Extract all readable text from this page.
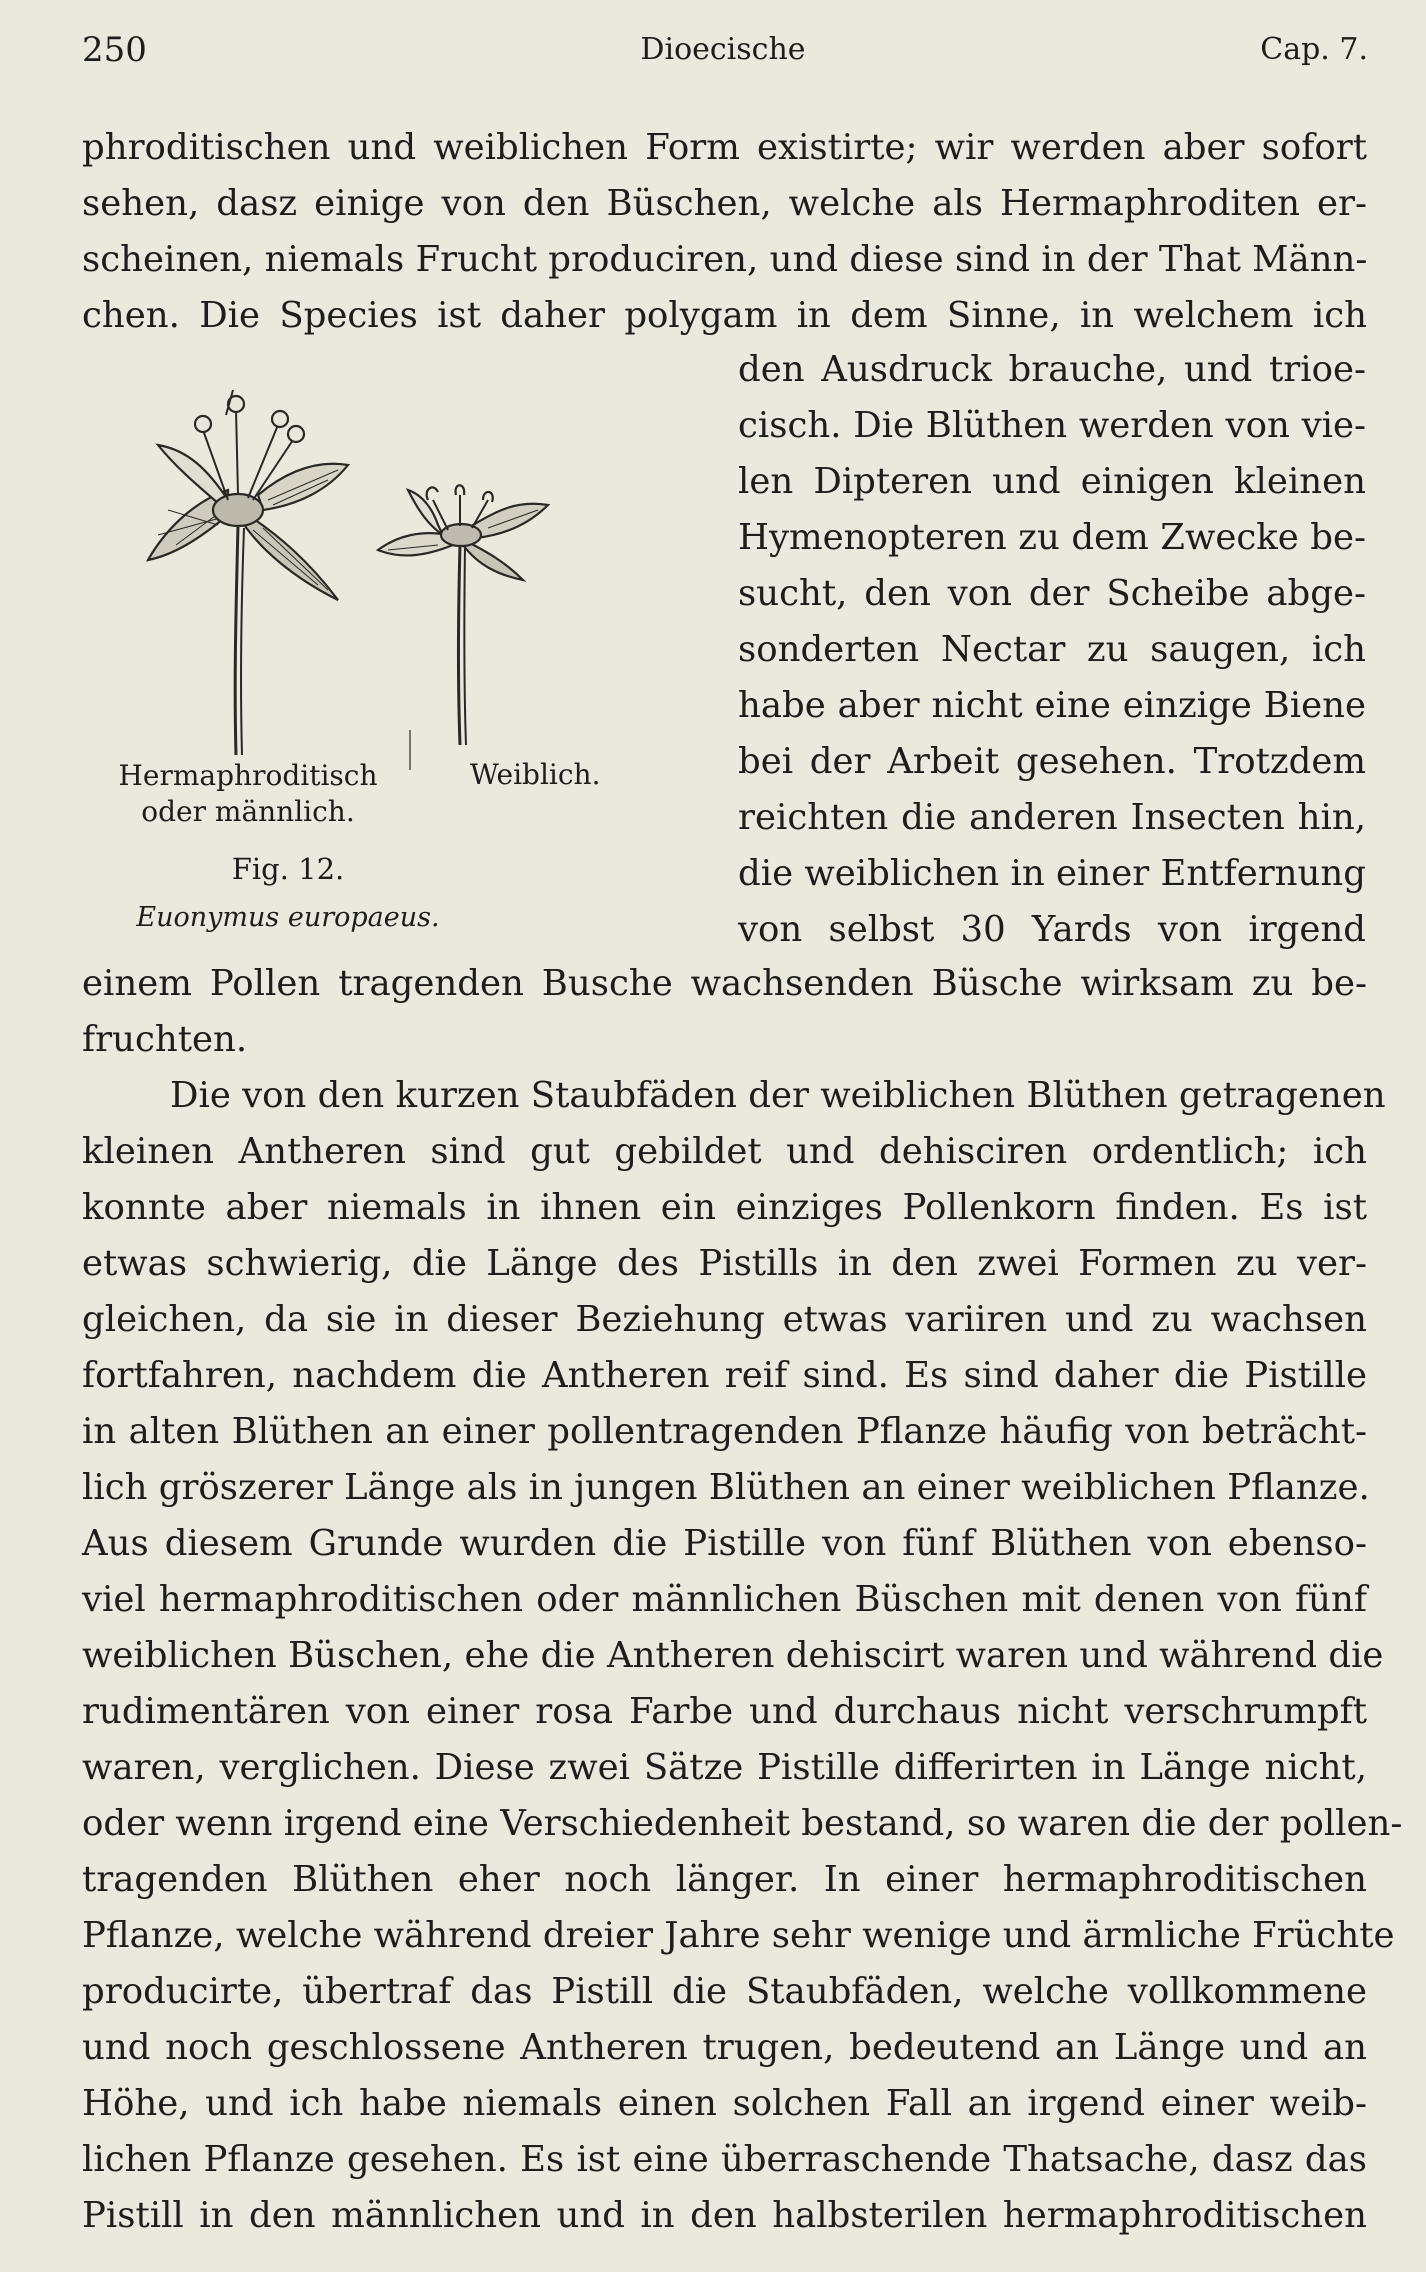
250	Dioecische	Cap. 7.
phroditischen und weiblichen Form existirte; wir werden aber sofort
sehen, dasz einige von den Büschen, welche als Hermaphroditen er-
scheinen, niemals Frucht produciren, und diese sind in der That Männ-
chen. Die Species ist daher polygam in dem Sinne, in welchem ich
den Ausdruck brauche, und trioe-
cisch. Die Blüthen werden von vie-
len Dipteren und einigen kleinen
Hymenopteren zu dem Zwecke be-
sucht, den von der Scheibe abge-
sonderten Nectar zu saugen, ich
habe aber nicht eine einzige Biene
bei der Arbeit gesehen. Trotzdem
reichten die anderen Insecten hin,
die weiblichen in einer Entfernung
von selbst 30 Yards von irgend
Hermaphroditisch
oder männlich.
Weiblich.
Fig. 12.
Euonymus europaeus.
einem Pollen tragenden Busche wachsenden Büsche wirksam zu be-
fruchten.
Die von den kurzen Staubfäden der weiblichen Blüthen getragenen
kleinen Antheren sind gut gebildet und dehisciren ordentlich; ich
konnte aber niemals in ihnen ein einziges Pollenkorn finden. Es ist
etwas schwierig, die Länge des Pistills in den zwei Formen zu ver-
gleichen, da sie in dieser Beziehung etwas variiren und zu wachsen
fortfahren, nachdem die Antheren reif sind. Es sind daher die Pistille
in alten Blüthen an einer pollentragenden Pflanze häufig von beträcht-
lich gröszerer Länge als in jungen Blüthen an einer weiblichen Pflanze.
Aus diesem Grunde wurden die Pistille von fünf Blüthen von ebenso-
viel hermaphroditischen oder männlichen Büschen mit denen von fünf
weiblichen Büschen, ehe die Antheren dehiscirt waren und während die
rudimentären von einer rosa Farbe und durchaus nicht verschrumpft
waren, verglichen. Diese zwei Sätze Pistille differirten in Länge nicht,
oder wenn irgend eine Verschiedenheit bestand, so waren die der pollen-
tragenden Blüthen eher noch länger. In einer hermaphroditischen
Pflanze, welche während dreier Jahre sehr wenige und ärmliche Früchte
producirte, übertraf das Pistill die Staubfäden, welche vollkommene
und noch geschlossene Antheren trugen, bedeutend an Länge und an
Höhe, und ich habe niemals einen solchen Fall an irgend einer weib-
lichen Pflanze gesehen. Es ist eine überraschende Thatsache, dasz das
Pistill in den männlichen und in den halbsterilen hermaphroditischen
